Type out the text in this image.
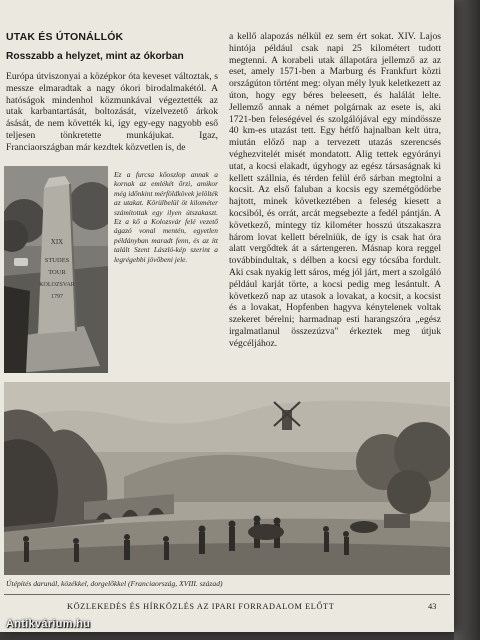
UTAK ÉS ÚTONÁLLÓK
Rosszabb a helyzet, mint az ókorban

Európa útviszonyai a középkor óta keveset változtak, s messze elmaradtak a nagy ókori birodalmakétól. A hatóságok mindenhol közmunkával végeztették az utak karbantartását, boltozását, vízelvezető árkok ásását, de nem követték ki, így egy-egy nagyobb eső teljesen tönkretette munkájukat. Igaz, Franciaországban már kezdtek közvetlen is, de

XIX
STUDES
TOUR
KOLOZSVAR
1797
Ez a furcsa kőoszlop annak a kornak az emlékét őrzi, amikor még időnkint mérföldkövek jelölték az utakat. Körülbelül öt kilométer számítottak egy ilyen útszakaszt. Ez a kő a Kolozsvár felé vezető ágazó vonal mentén, egyetlen példányban maradt fenn, és az itt talált Szent László-kép szerint a legrégebbi jövőbeni jele.

a kellő alapozás nélkül ez sem ért sokat. XIV. Lajos hintója például csak napi 25 kilométert tudott megtenni. A korabeli utak állapotára jellemző az az eset, amely 1571-ben a Marburg és Frankfurt közti országúton történt meg: olyan mély lyuk keletkezett az úton, hogy egy béres beleesett, és halálát lelte. Jellemző annak a német polgárnak az esete is, aki 1721-ben feleségével és szolgálójával egy mindössze 40 km-es utazást tett. Egy hétfő hajnalban kelt útra, miután előző nap a tervezett utazás szerencsés véghezvitelét misét mondatott. Alig tettek egyórányi utat, a kocsi elakadt, úgyhogy az egész társaságnak ki kellett szállnia, és térden felül érő sárban megtolni a kocsit. Az első faluban a kocsis egy szemétgödörbe hajtott, minek következtében a feleség kiesett a kocsiból, és orrát, arcát megsebezte a fedél pántján. A következő, mintegy tíz kilométer hosszú útszakaszra három lovat kellett bérelniük, de így is csak hat óra alatt vergődtek át a sártengeren. Másnap kora reggel továbbindultak, s délben a kocsi egy tócsába fordult. Aki csak nyakig lett sáros, még jól járt, mert a szolgáló például karját törte, a kocsi pedig meg lesántult. A következő nap az utasok a lovakat, a kocsit, a kocsist és a lovakat, Hopfenben hagyva kénytelenek voltak szekeret bérelni; harmadnap esti harangszóra „egész irgalmatlanul összezúzva" érkeztek meg útjuk végcéljához.

Útépítés darunál, közékkel, dorgelőkkel (Franciaország, XVIII. század)
KÖZLEKEDÉS ÉS HÍRKÖZLÉS AZ IPARI FORRADALOM ELŐTT	43
Antikvárium.hu
